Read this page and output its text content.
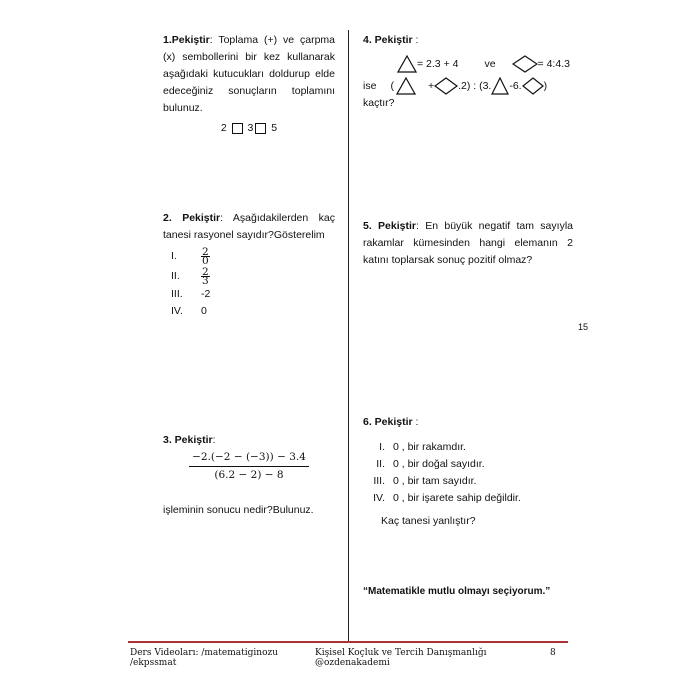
1.Pekiştir: Toplama (+) ve çarpma (x) sembollerini bir kez kullanarak aşağıdaki kutucukları doldurup elde edeceğiniz sonuçların toplamını bulunuz.
2 3 5
2. Pekiştir: Aşağıdakilerden kaç tanesi rasyonel sayıdır?Gösterelim
I.	$\frac{2}{0}$
II.	$\frac{2}{3}$
III.	-2
IV.	0
3. Pekiştir:
−2.(−2 − (−3)) − 3.4
(6.2 − 2) − 8
işleminin sonucu nedir?Bulunuz.
4. Pekiştir :
= 2.3 + 4 ve	= 4:4.3
ise (	+ .2) : (3. -6. )
kaçtır?
5. Pekiştir: En büyük negatif tam sayıyla rakamlar kümesinden hangi elemanın 2 katını toplarsak sonuç pozitif olmaz?
15
6. Pekiştir :
I. 0 , bir rakamdır.
II. 0 , bir doğal sayıdır.
III. 0 , bir tam sayıdır.
IV. 0 , bir işarete sahip değildir.
Kaç tanesi yanlıştır?
“Matematikle mutlu olmayı seçiyorum.”
Ders Videoları: /matematiginozu /ekpssmat
Kişisel Koçluk ve Tercih Danışmanlığı @ozdenakademi
8
